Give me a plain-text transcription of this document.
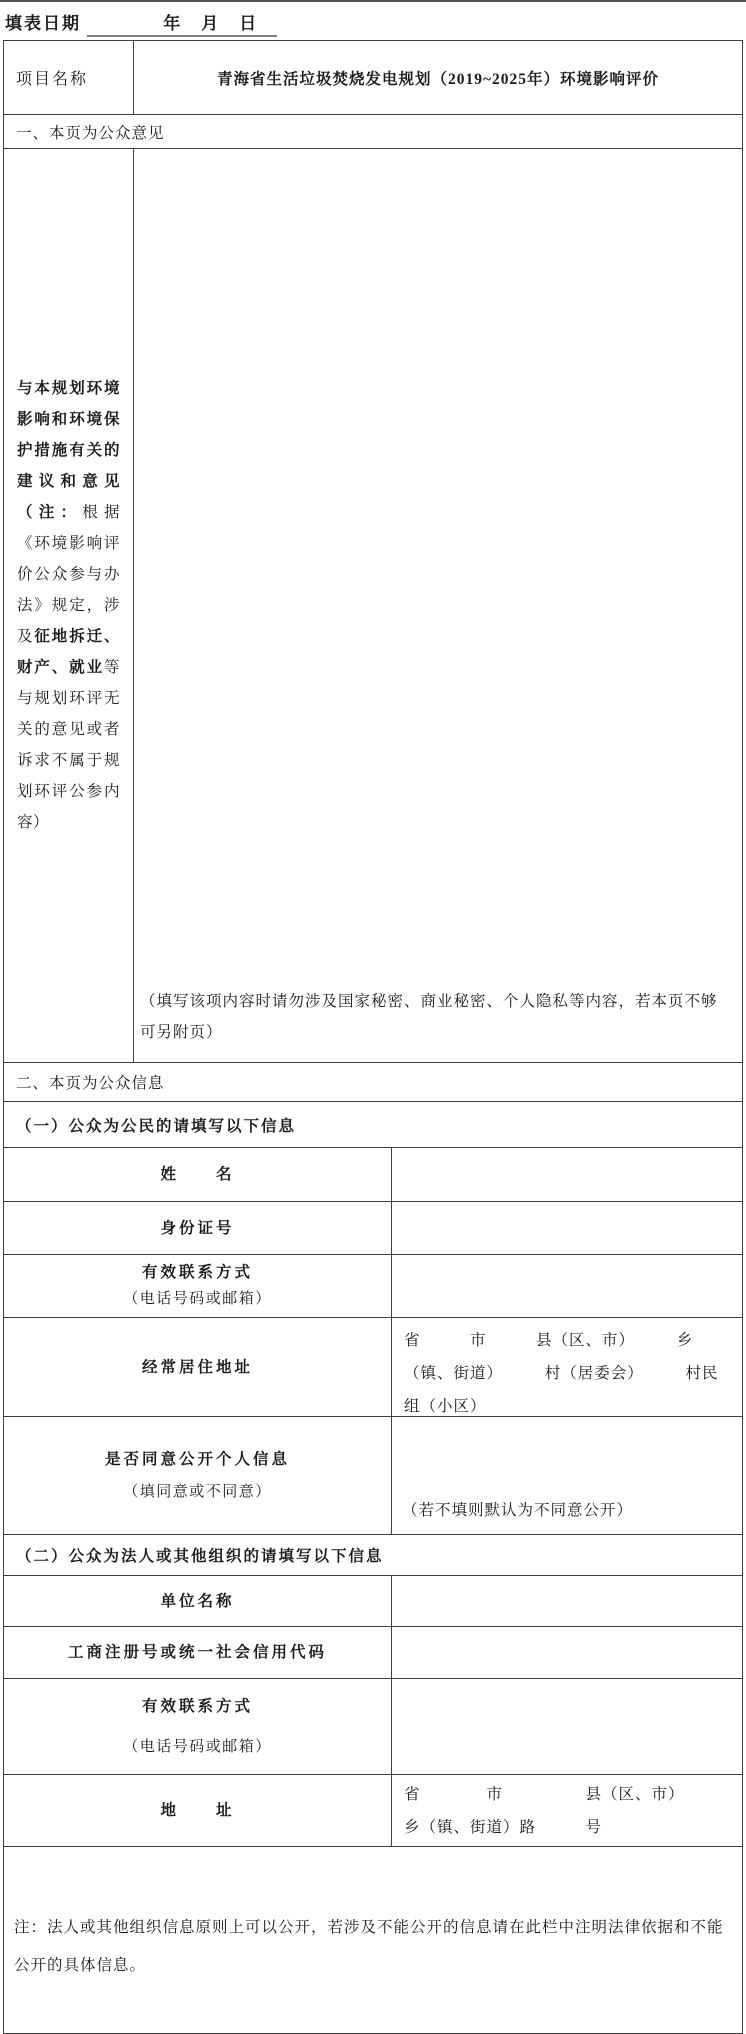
填表日期 　　　　年　月　日　
项目名称	青海省生活垃圾焚烧发电规划（2019~2025年）环境影响评价
一、本页为公众意见
与本规划环境影响和环境保护措施有关的建议和意见（注：根据《环境影响评价公众参与办法》规定，涉及征地拆迁、财产、就业等与规划环评无关的意见或者诉求不属于规划环评公参内容）
（填写该项内容时请勿涉及国家秘密、商业秘密、个人隐私等内容，若本页不够可另附页）
二、本页为公众信息
（一）公众为公民的请填写以下信息
姓　　名
身份证号
有效联系方式
（电话号码或邮箱）
经常居住地址
省　　　市　　　县（区、市）　　　乡（镇、街道）　　　村（居委会）　　　村民组（小区）
是否同意公开个人信息
（填同意或不同意）
（若不填则默认为不同意公开）
（二）公众为法人或其他组织的请填写以下信息
单位名称
工商注册号或统一社会信用代码
有效联系方式
（电话号码或邮箱）
地　　址
省　　　　市　　　　　县（区、市）　　　乡（镇、街道）路　　　号
注：法人或其他组织信息原则上可以公开，若涉及不能公开的信息请在此栏中注明法律依据和不能公开的具体信息。
